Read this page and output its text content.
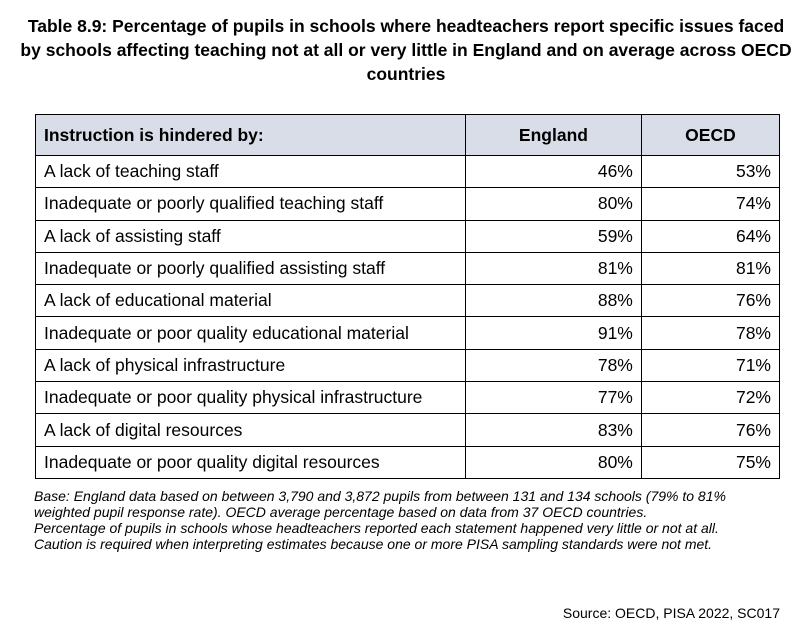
Table 8.9: Percentage of pupils in schools where headteachers report specific issues faced by schools affecting teaching not at all or very little in England and on average across OECD countries
Instruction is hindered by:	England	OECD
A lack of teaching staff	46%	53%
Inadequate or poorly qualified teaching staff	80%	74%
A lack of assisting staff	59%	64%
Inadequate or poorly qualified assisting staff	81%	81%
A lack of educational material	88%	76%
Inadequate or poor quality educational material	91%	78%
A lack of physical infrastructure	78%	71%
Inadequate or poor quality physical infrastructure	77%	72%
A lack of digital resources	83%	76%
Inadequate or poor quality digital resources	80%	75%

Base: England data based on between 3,790 and 3,872 pupils from between 131 and 134 schools (79% to 81% weighted pupil response rate). OECD average percentage based on data from 37 OECD countries.

Percentage of pupils in schools whose headteachers reported each statement happened very little or not at all.

Caution is required when interpreting estimates because one or more PISA sampling standards were not met.

Source: OECD, PISA 2022, SC017
